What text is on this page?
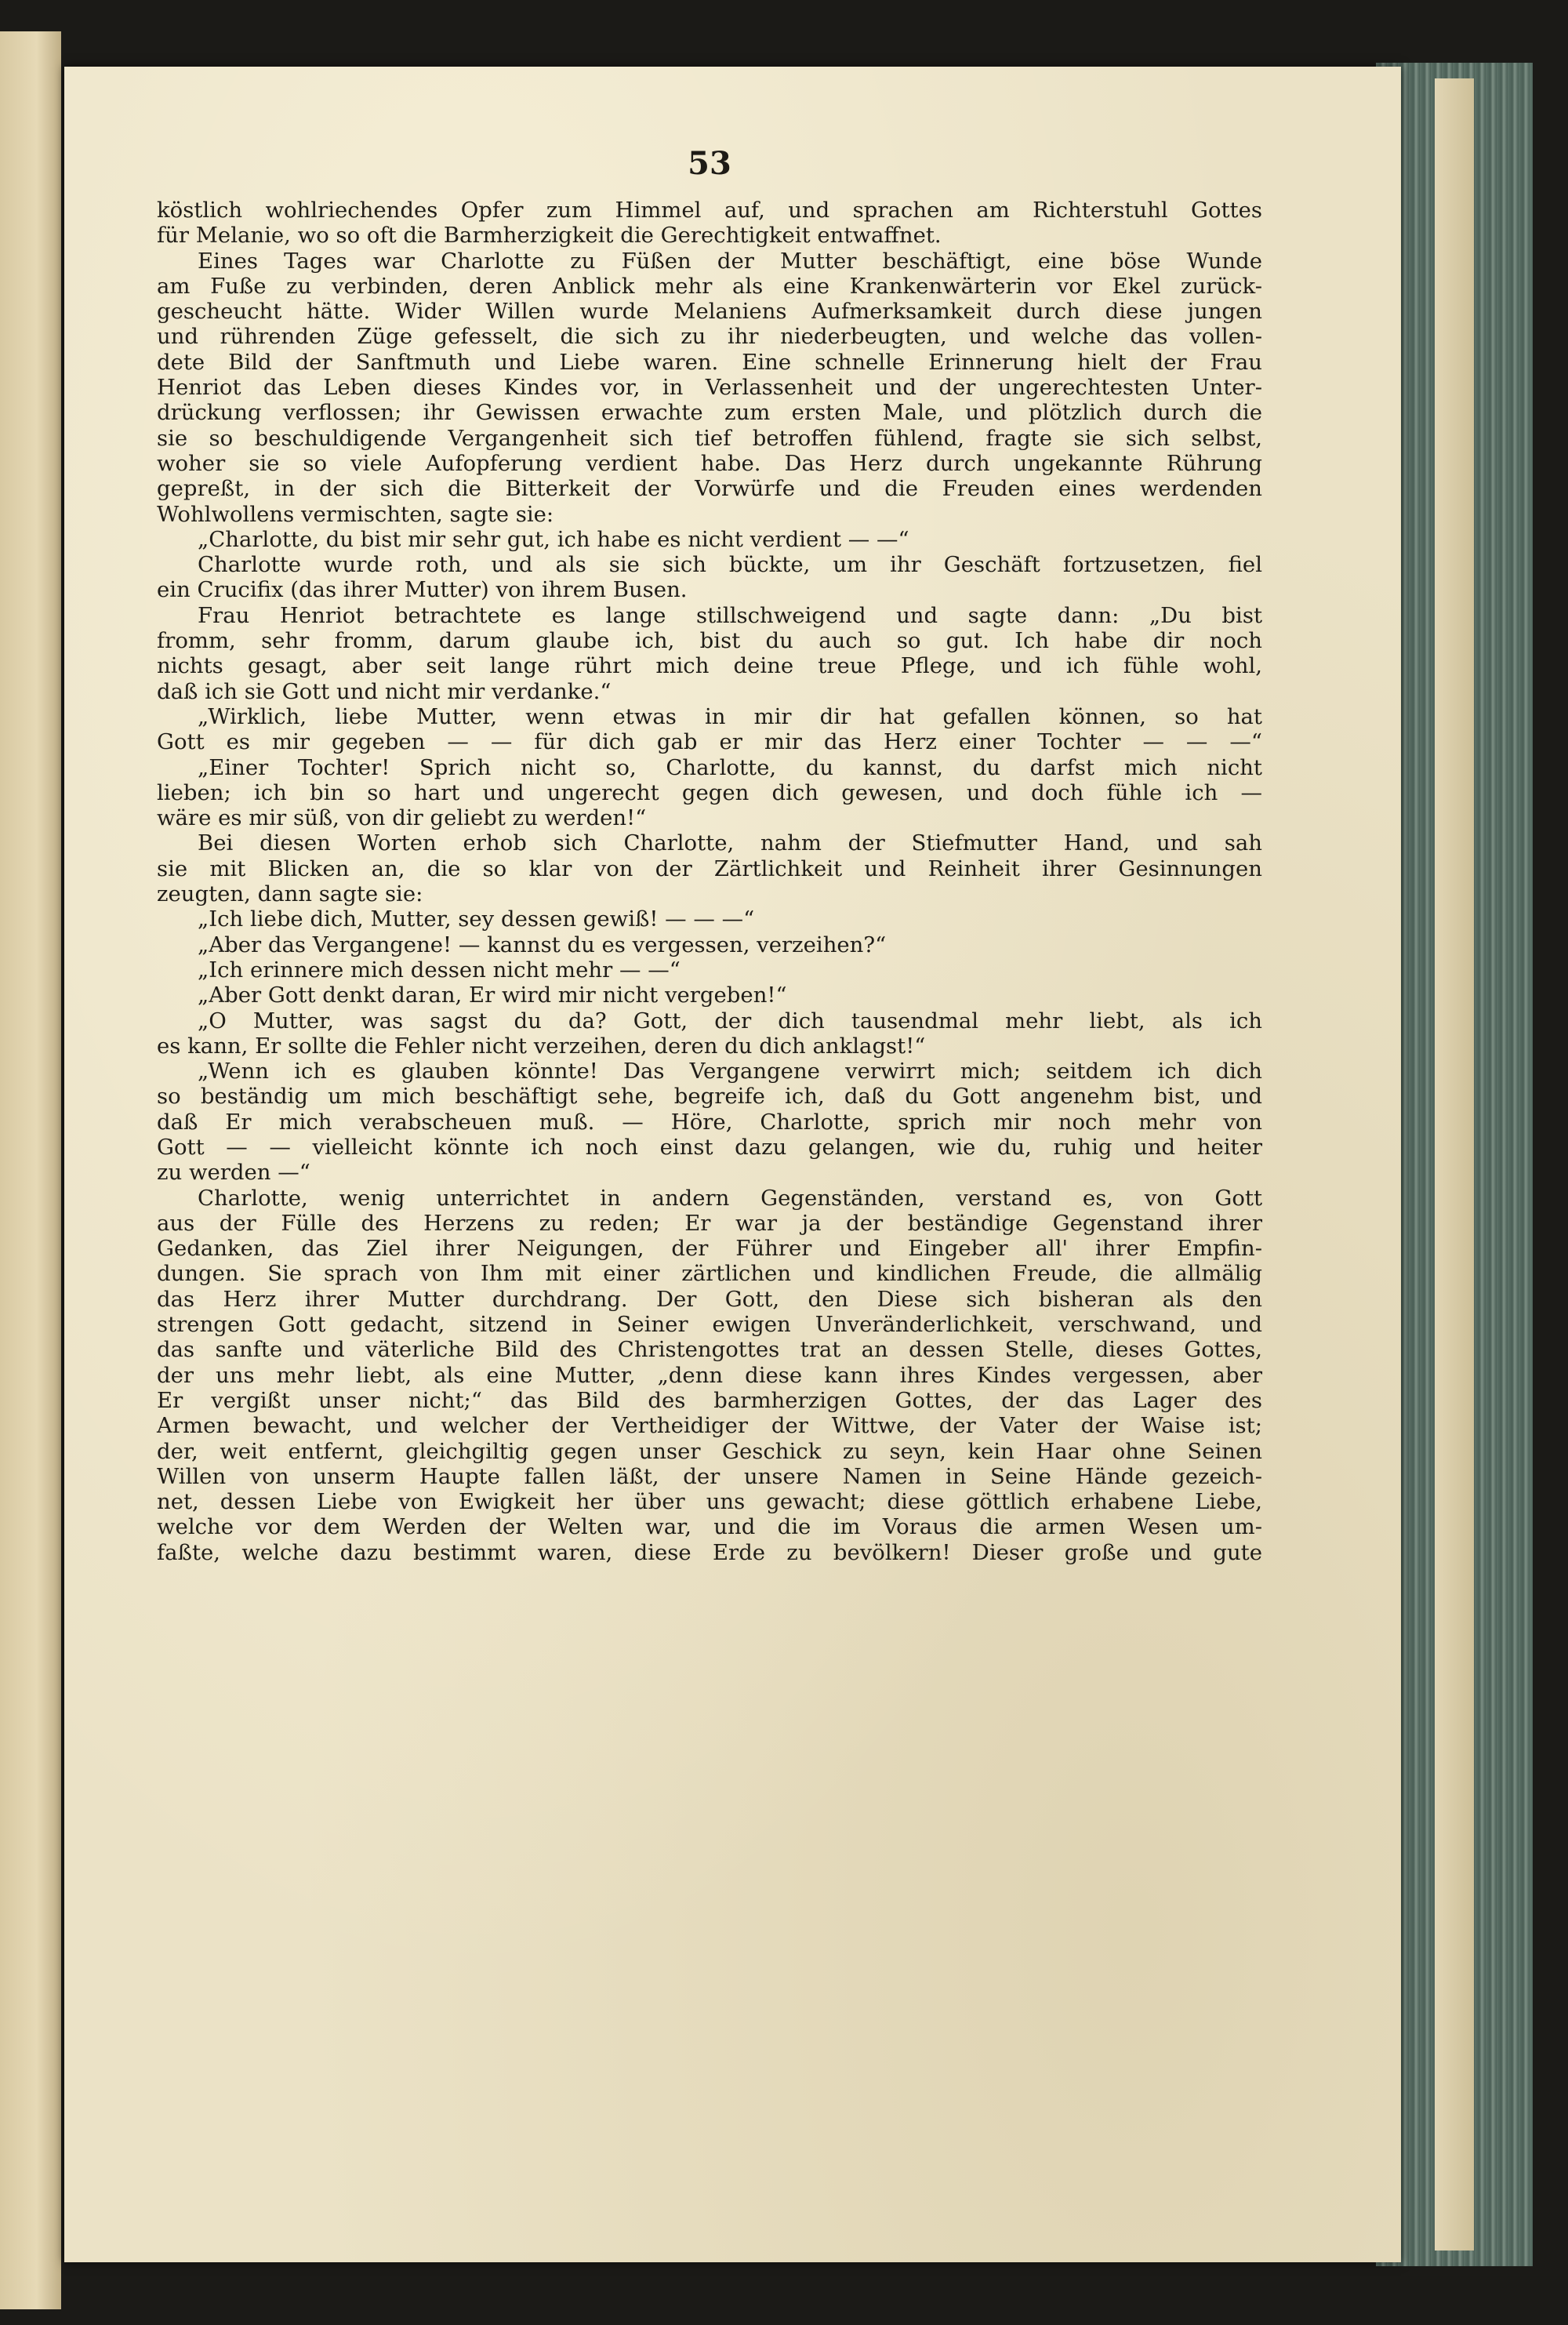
53
köstlich wohlriechendes Opfer zum Himmel auf, und sprachen am Richterstuhl Gottes
für Melanie, wo so oft die Barmherzigkeit die Gerechtigkeit entwaffnet.
Eines Tages war Charlotte zu Füßen der Mutter beschäftigt, eine böse Wunde
am Fuße zu verbinden, deren Anblick mehr als eine Krankenwärterin vor Ekel zurück-
gescheucht hätte. Wider Willen wurde Melaniens Aufmerksamkeit durch diese jungen
und rührenden Züge gefesselt, die sich zu ihr niederbeugten, und welche das vollen-
dete Bild der Sanftmuth und Liebe waren. Eine schnelle Erinnerung hielt der Frau
Henriot das Leben dieses Kindes vor, in Verlassenheit und der ungerechtesten Unter-
drückung verflossen; ihr Gewissen erwachte zum ersten Male, und plötzlich durch die
sie so beschuldigende Vergangenheit sich tief betroffen fühlend, fragte sie sich selbst,
woher sie so viele Aufopferung verdient habe. Das Herz durch ungekannte Rührung
gepreßt, in der sich die Bitterkeit der Vorwürfe und die Freuden eines werdenden
Wohlwollens vermischten, sagte sie:
„Charlotte, du bist mir sehr gut, ich habe es nicht verdient — —“
Charlotte wurde roth, und als sie sich bückte, um ihr Geschäft fortzusetzen, fiel
ein Crucifix (das ihrer Mutter) von ihrem Busen.
Frau Henriot betrachtete es lange stillschweigend und sagte dann: „Du bist
fromm, sehr fromm, darum glaube ich, bist du auch so gut. Ich habe dir noch
nichts gesagt, aber seit lange rührt mich deine treue Pflege, und ich fühle wohl,
daß ich sie Gott und nicht mir verdanke.“
„Wirklich, liebe Mutter, wenn etwas in mir dir hat gefallen können, so hat
Gott es mir gegeben — — für dich gab er mir das Herz einer Tochter — — —“
„Einer Tochter! Sprich nicht so, Charlotte, du kannst, du darfst mich nicht
lieben; ich bin so hart und ungerecht gegen dich gewesen, und doch fühle ich —
wäre es mir süß, von dir geliebt zu werden!“
Bei diesen Worten erhob sich Charlotte, nahm der Stiefmutter Hand, und sah
sie mit Blicken an, die so klar von der Zärtlichkeit und Reinheit ihrer Gesinnungen
zeugten, dann sagte sie:
„Ich liebe dich, Mutter, sey dessen gewiß! — — —“
„Aber das Vergangene! — kannst du es vergessen, verzeihen?“
„Ich erinnere mich dessen nicht mehr — —“
„Aber Gott denkt daran, Er wird mir nicht vergeben!“
„O Mutter, was sagst du da? Gott, der dich tausendmal mehr liebt, als ich
es kann, Er sollte die Fehler nicht verzeihen, deren du dich anklagst!“
„Wenn ich es glauben könnte! Das Vergangene verwirrt mich; seitdem ich dich
so beständig um mich beschäftigt sehe, begreife ich, daß du Gott angenehm bist, und
daß Er mich verabscheuen muß. — Höre, Charlotte, sprich mir noch mehr von
Gott — — vielleicht könnte ich noch einst dazu gelangen, wie du, ruhig und heiter
zu werden —“
Charlotte, wenig unterrichtet in andern Gegenständen, verstand es, von Gott
aus der Fülle des Herzens zu reden; Er war ja der beständige Gegenstand ihrer
Gedanken, das Ziel ihrer Neigungen, der Führer und Eingeber all' ihrer Empfin-
dungen. Sie sprach von Ihm mit einer zärtlichen und kindlichen Freude, die allmälig
das Herz ihrer Mutter durchdrang. Der Gott, den Diese sich bisheran als den
strengen Gott gedacht, sitzend in Seiner ewigen Unveränderlichkeit, verschwand, und
das sanfte und väterliche Bild des Christengottes trat an dessen Stelle, dieses Gottes,
der uns mehr liebt, als eine Mutter, „denn diese kann ihres Kindes vergessen, aber
Er vergißt unser nicht;“ das Bild des barmherzigen Gottes, der das Lager des
Armen bewacht, und welcher der Vertheidiger der Wittwe, der Vater der Waise ist;
der, weit entfernt, gleichgiltig gegen unser Geschick zu seyn, kein Haar ohne Seinen
Willen von unserm Haupte fallen läßt, der unsere Namen in Seine Hände gezeich-
net, dessen Liebe von Ewigkeit her über uns gewacht; diese göttlich erhabene Liebe,
welche vor dem Werden der Welten war, und die im Voraus die armen Wesen um-
faßte, welche dazu bestimmt waren, diese Erde zu bevölkern! Dieser große und gute
